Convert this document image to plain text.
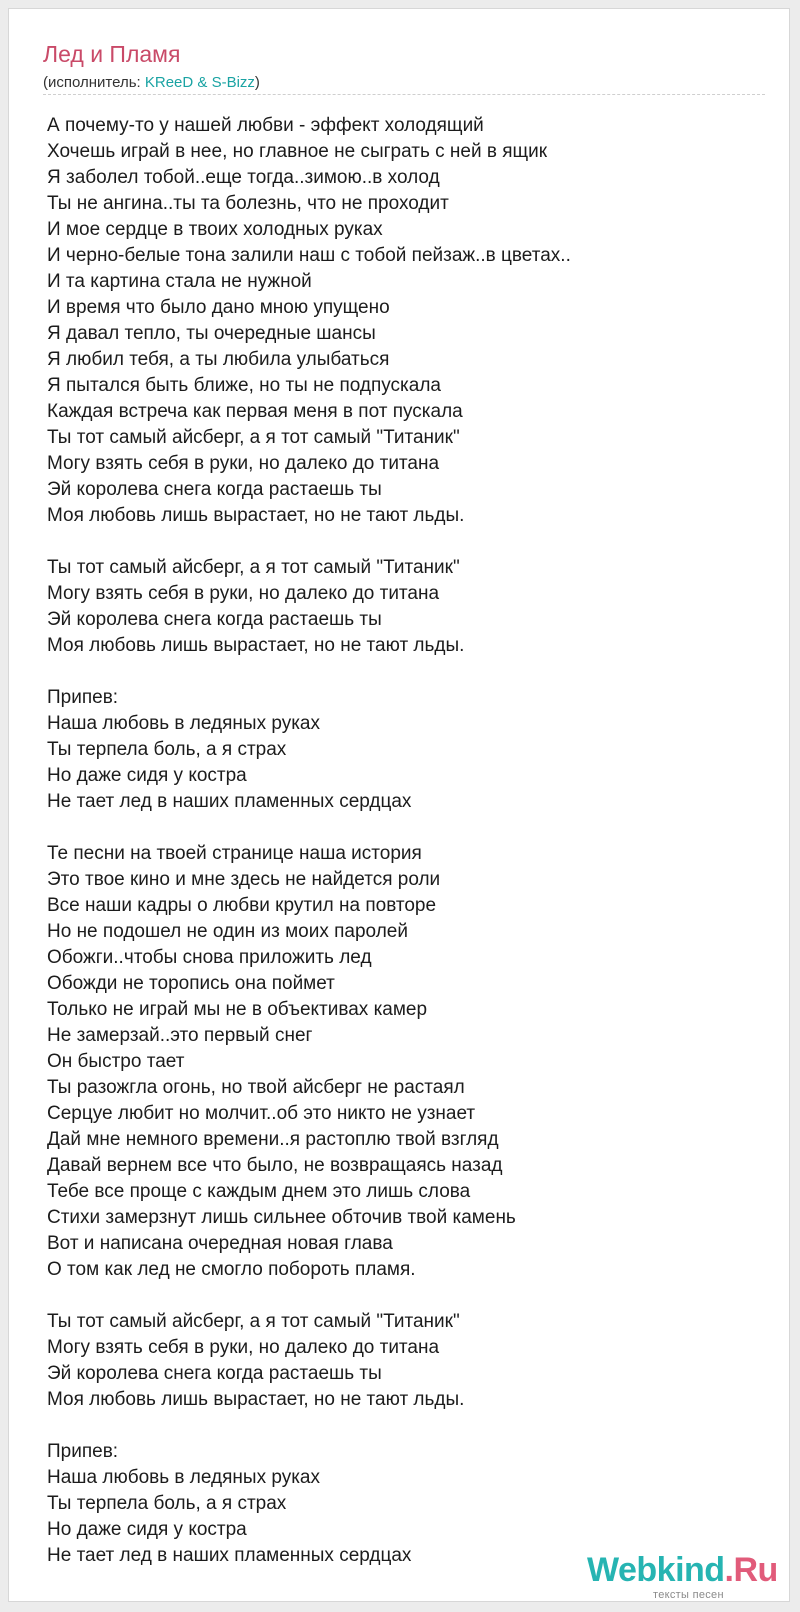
Лед и Пламя
(исполнитель: KReeD & S-Bizz)
А почему-то у нашей любви - эффект холодящий
Хочешь играй в нее, но главное не сыграть с ней в ящик
Я заболел тобой..еще тогда..зимою..в холод
Ты не ангина..ты та болезнь, что не проходит
И мое сердце в твоих холодных руках
И черно-белые тона залили наш с тобой пейзаж..в цветах..
И та картина стала не нужной
И время что было дано мною упущено
Я давал тепло, ты очередные шансы
Я любил тебя, а ты любила улыбаться
Я пытался быть ближе, но ты не подпускала
Каждая встреча как первая меня в пот пускала
Ты тот самый айсберг, а я тот самый "Титаник"
Могу взять себя в руки, но далеко до титана
Эй королева снега когда растаешь ты
Моя любовь лишь вырастает, но не тают льды.
Ты тот самый айсберг, а я тот самый "Титаник"
Могу взять себя в руки, но далеко до титана
Эй королева снега когда растаешь ты
Моя любовь лишь вырастает, но не тают льды.
Припев:
Наша любовь в ледяных руках
Ты терпела боль, а я страх
Но даже сидя у костра
Не тает лед в наших пламенных сердцах
Те песни на твоей странице наша история
Это твое кино и мне здесь не найдется роли
Все наши кадры о любви крутил на повторе
Но не подошел не один из моих паролей
Обожги..чтобы снова приложить лед
Обожди не торопись она поймет
Только не играй мы не в объективах камер
Не замерзай..это первый снег
Он быстро тает
Ты разожгла огонь, но твой айсберг не растаял
Серцуе любит но молчит..об это никто не узнает
Дай мне немного времени..я растоплю твой взгляд
Давай вернем все что было, не возвращаясь назад
Тебе все проще с каждым днем это лишь слова
Стихи замерзнут лишь сильнее обточив твой камень
Вот и написана очередная новая глава
О том как лед не смогло побороть пламя.
Ты тот самый айсберг, а я тот самый "Титаник"
Могу взять себя в руки, но далеко до титана
Эй королева снега когда растаешь ты
Моя любовь лишь вырастает, но не тают льды.
Припев:
Наша любовь в ледяных руках
Ты терпела боль, а я страх
Но даже сидя у костра
Не тает лед в наших пламенных сердцах	Webkind.Ru
тексты песен
